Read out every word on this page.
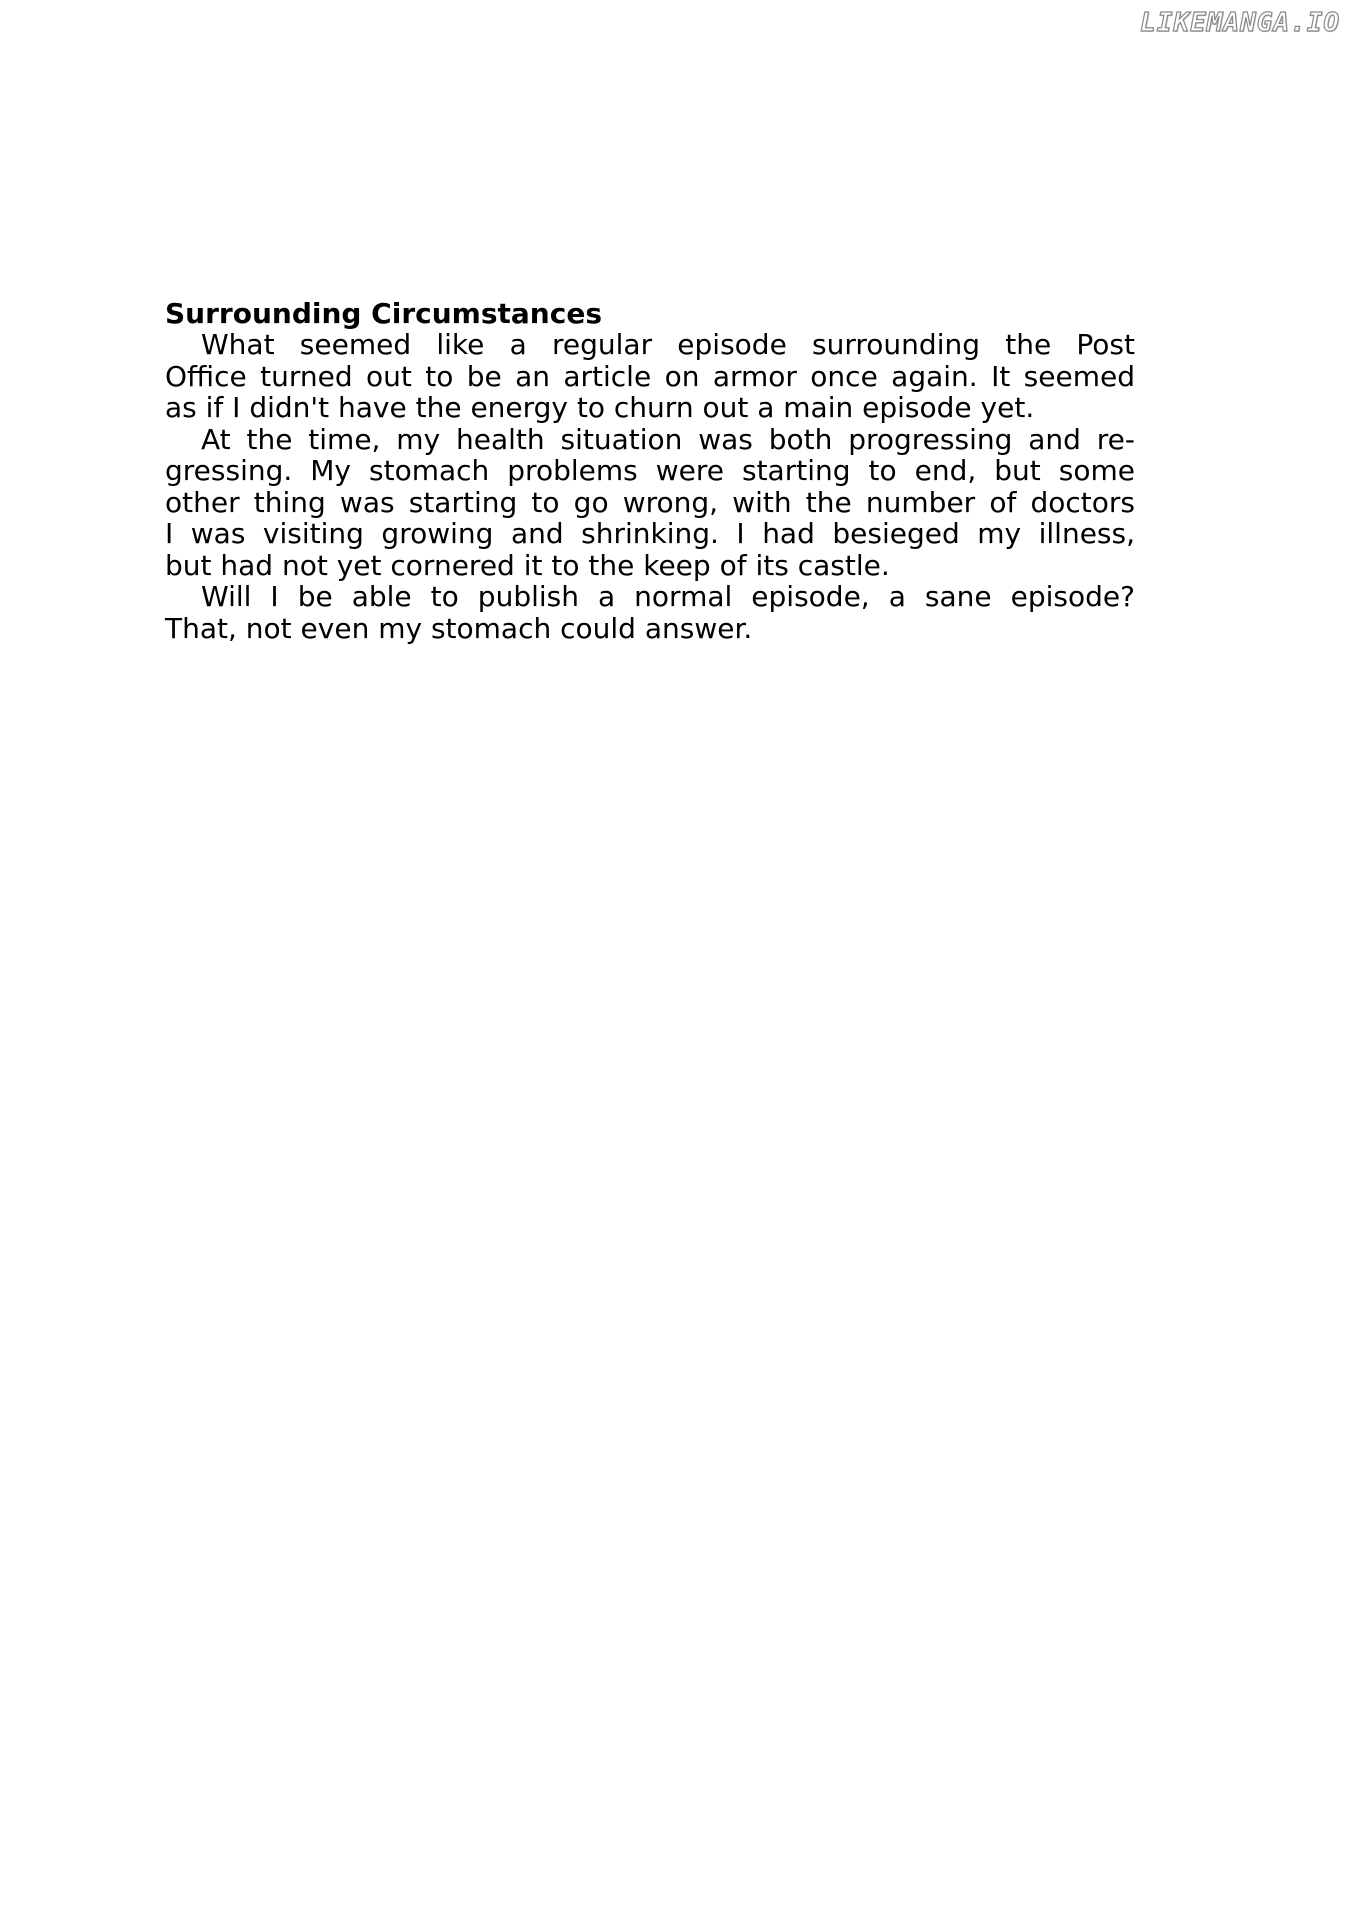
LIKEMANGA.IO
Surrounding Circumstances
What seemed like a regular episode surrounding the Post
Office turned out to be an article on armor once again. It seemed
as if I didn't have the energy to churn out a main episode yet.
At the time, my health situation was both progressing and re-
gressing. My stomach problems were starting to end, but some
other thing was starting to go wrong, with the number of doctors
I was visiting growing and shrinking. I had besieged my illness,
but had not yet cornered it to the keep of its castle.
Will I be able to publish a normal episode, a sane episode?
That, not even my stomach could answer.
